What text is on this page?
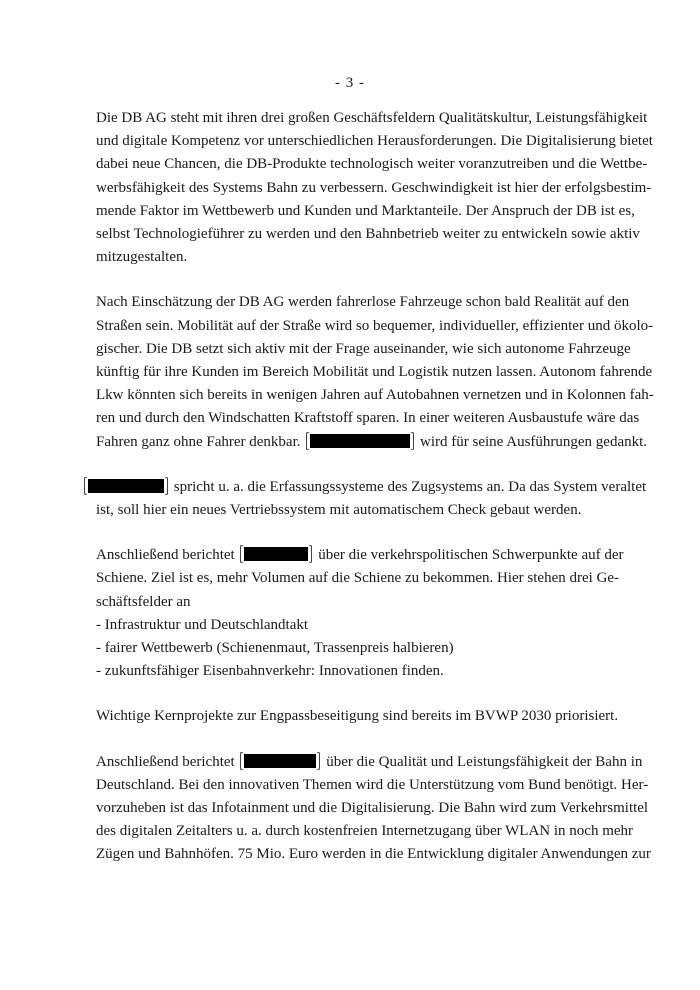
- 3 -
Die DB AG steht mit ihren drei großen Geschäftsfeldern Qualitätskultur, Leistungsfähigkeit
und digitale Kompetenz vor unterschiedlichen Herausforderungen. Die Digitalisierung bietet
dabei neue Chancen, die DB-Produkte technologisch weiter voranzutreiben und die Wettbe-
werbsfähigkeit des Systems Bahn zu verbessern. Geschwindigkeit ist hier der erfolgsbestim-
mende Faktor im Wettbewerb und Kunden und Marktanteile. Der Anspruch der DB ist es,
selbst Technologieführer zu werden und den Bahnbetrieb weiter zu entwickeln sowie aktiv
mitzugestalten.
Nach Einschätzung der DB AG werden fahrerlose Fahrzeuge schon bald Realität auf den
Straßen sein. Mobilität auf der Straße wird so bequemer, individueller, effizienter und ökolo-
gischer. Die DB setzt sich aktiv mit der Frage auseinander, wie sich autonome Fahrzeuge
künftig für ihre Kunden im Bereich Mobilität und Logistik nutzen lassen. Autonom fahrende
Lkw könnten sich bereits in wenigen Jahren auf Autobahnen vernetzen und in Kolonnen fah-
ren und durch den Windschatten Kraftstoff sparen. In einer weiteren Ausbaustufe wäre das
Fahren ganz ohne Fahrer denkbar.	wird für seine Ausführungen gedankt.
spricht u. a. die Erfassungssysteme des Zugsystems an. Da das System veraltet
ist, soll hier ein neues Vertriebssystem mit automatischem Check gebaut werden.
Anschließend berichtet	über die verkehrspolitischen Schwerpunkte auf der
Schiene. Ziel ist es, mehr Volumen auf die Schiene zu bekommen. Hier stehen drei Ge-
schäftsfelder an
- Infrastruktur und Deutschlandtakt
- fairer Wettbewerb (Schienenmaut, Trassenpreis halbieren)
- zukunftsfähiger Eisenbahnverkehr: Innovationen finden.
Wichtige Kernprojekte zur Engpassbeseitigung sind bereits im BVWP 2030 priorisiert.
Anschließend berichtet	über die Qualität und Leistungsfähigkeit der Bahn in
Deutschland. Bei den innovativen Themen wird die Unterstützung vom Bund benötigt. Her-
vorzuheben ist das Infotainment und die Digitalisierung. Die Bahn wird zum Verkehrsmittel
des digitalen Zeitalters u. a. durch kostenfreien Internetzugang über WLAN in noch mehr
Zügen und Bahnhöfen. 75 Mio. Euro werden in die Entwicklung digitaler Anwendungen zur
